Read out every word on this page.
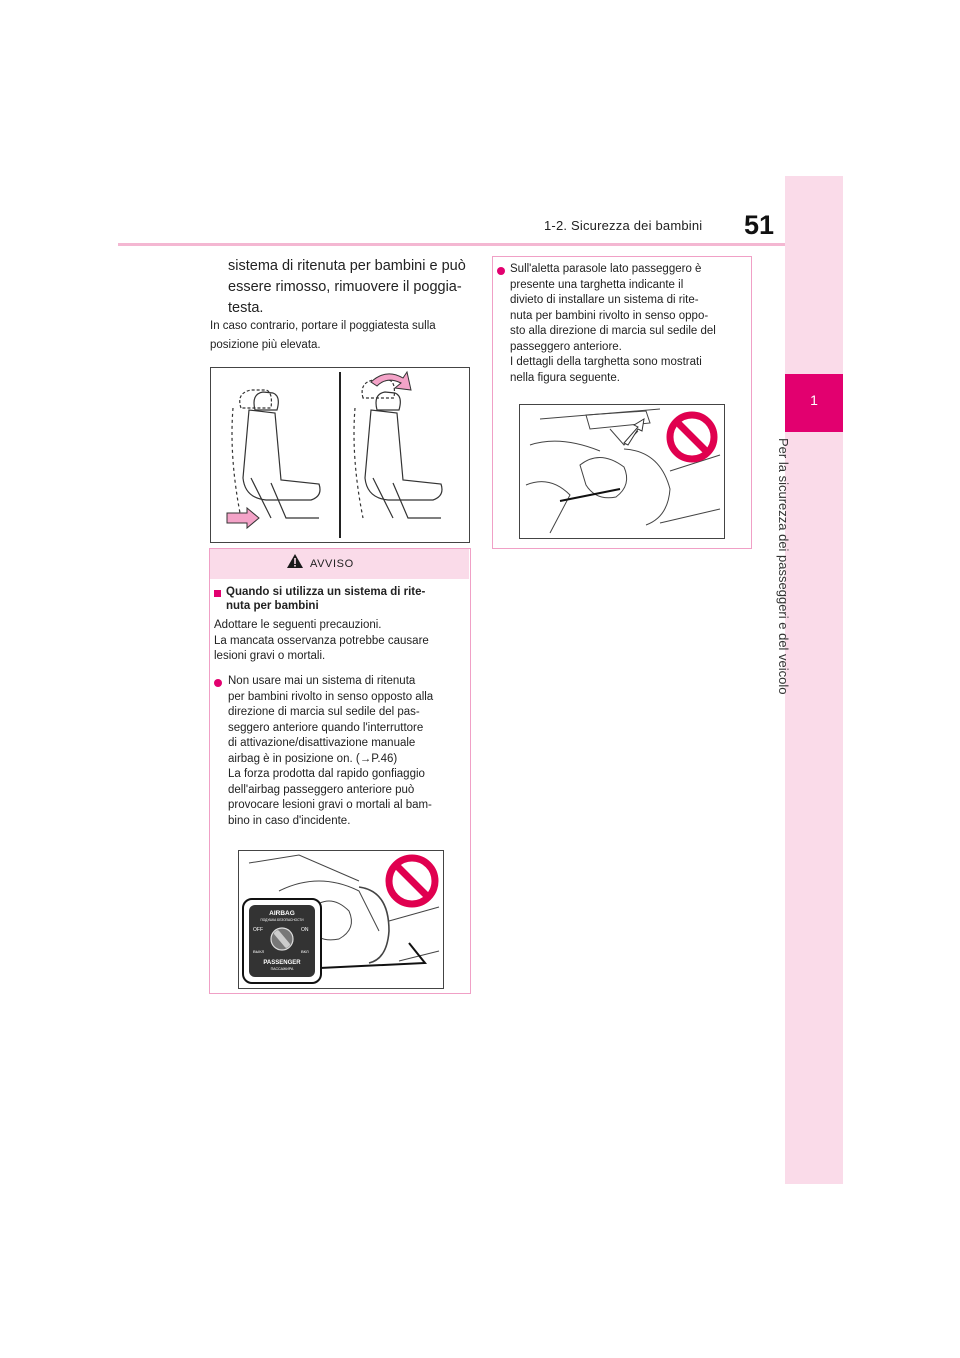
51
1-2. Sicurezza dei bambini
1
Per la sicurezza dei passeggeri e del veicolo
sistema di ritenuta per bambini e può
essere rimosso, rimuovere il poggia-
testa.
In caso contrario, portare il poggiatesta sulla
posizione più elevata.
AVVISO
Quando si utilizza un sistema di rite-
nuta per bambini
Adottare le seguenti precauzioni.
La mancata osservanza potrebbe causare
lesioni gravi o mortali.
Non usare mai un sistema di ritenuta
per bambini rivolto in senso opposto alla
direzione di marcia sul sedile del pas-
seggero anteriore quando l'interruttore
di attivazione/disattivazione manuale
airbag è in posizione on. (→P.46)
La forza prodotta dal rapido gonfiaggio
dell'airbag passeggero anteriore può
provocare lesioni gravi o mortali al bam-
bino in caso d'incidente.
AIRBAG
ПОДУШКА БЕЗОПАСНОСТИ
OFF	ON
ВЫКЛ	ВКЛ
PASSENGER
ПАССАЖИРА
Sull'aletta parasole lato passeggero è
presente una targhetta indicante il
divieto di installare un sistema di rite-
nuta per bambini rivolto in senso oppo-
sto alla direzione di marcia sul sedile del
passeggero anteriore.
I dettagli della targhetta sono mostrati
nella figura seguente.
